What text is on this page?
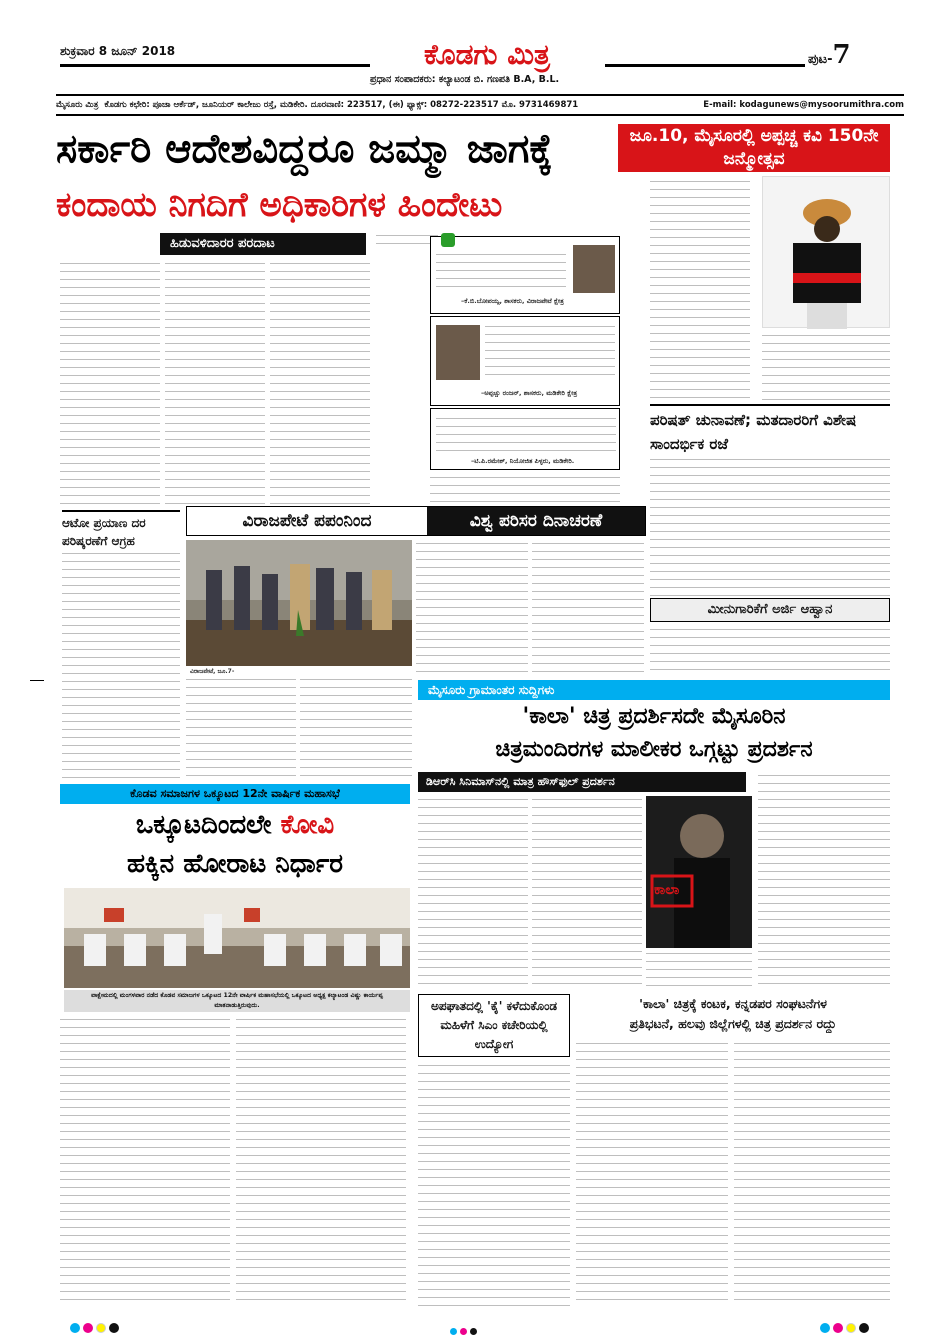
ಶುಕ್ರವಾರ 8 ಜೂನ್ 2018	ಕೊಡಗು ಮಿತ್ರ
ಪ್ರಧಾನ ಸಂಪಾದಕರು: ಕಲ್ಯಾಟಂಡ ಬಿ. ಗಣಪತಿ B.A, B.L.
ಪುಟ-7
ಮೈಸೂರು ಮಿತ್ರ ಕೊಡಗು ಕಛೇರಿ: ಪೂಜಾ ಆರ್ಕೆಡ್, ಜೂನಿಯರ್ ಕಾಲೇಜು ರಸ್ತೆ, ಮಡಿಕೇರಿ. ದೂರವಾಣಿ: 223517, (ಈ) ಫ್ಯಾಕ್ಸ್: 08272-223517 ಮೊ. 9731469871	E-mail: kodagunews@mysoorumithra.com
ಸರ್ಕಾರಿ ಆದೇಶವಿದ್ದರೂ ಜಮ್ಮಾ ಜಾಗಕ್ಕೆ
ಕಂದಾಯ ನಿಗದಿಗೆ ಅಧಿಕಾರಿಗಳ ಹಿಂದೇಟು
ಹಿಡುವಳಿದಾರರ ಪರದಾಟ
–ಕೆ.ಬಿ.ಬೋಪಯ್ಯ, ಶಾಸಕರು, ವಿರಾಜಪೇಟೆ ಕ್ಷೇತ್ರ
–ಅಪ್ಪಚ್ಚು ರಂಜನ್, ಶಾಸಕರು, ಮಡಿಕೇರಿ ಕ್ಷೇತ್ರ
–ಟಿ.ಪಿ.ರಮೇಶ್, ನಿಯೋಜಿತ ಪಿಳ್ಳರು, ಮಡಿಕೇರಿ.
ಜೂ.10, ಮೈಸೂರಲ್ಲಿ ಅಪ್ಪಚ್ಚ ಕವಿ 150ನೇ ಜನ್ಮೋತ್ಸವ
ಪರಿಷತ್ ಚುನಾವಣೆ; ಮತದಾರರಿಗೆ ವಿಶೇಷ ಸಾಂದರ್ಭಿಕ ರಜೆ
ಮೀನುಗಾರಿಕೆಗೆ ಅರ್ಜಿ ಆಹ್ವಾನ
ಆಟೋ ಪ್ರಯಾಣ ದರ ಪರಿಷ್ಕರಣೆಗೆ ಆಗ್ರಹ
ವಿರಾಜಪೇಟೆ ಪಪಂನಿಂದ	ವಿಶ್ವ ಪರಿಸರ ದಿನಾಚರಣೆ
ವಿರಾಜಪೇಟೆ, ಜೂ.7-
ಮೈಸೂರು ಗ್ರಾಮಾಂತರ ಸುದ್ದಿಗಳು
'ಕಾಲಾ' ಚಿತ್ರ ಪ್ರದರ್ಶಿಸದೇ ಮೈಸೂರಿನ
ಚಿತ್ರಮಂದಿರಗಳ ಮಾಲೀಕರ ಒಗ್ಗಟ್ಟು ಪ್ರದರ್ಶನ
ಡಿಆರ್‌ಸಿ ಸಿನಿಮಾಸ್‌ನಲ್ಲಿ ಮಾತ್ರ ಹೌಸ್‌ಫುಲ್ ಪ್ರದರ್ಶನ
ಕಾಲಾ
ಕೊಡವ ಸಮಾಜಗಳ ಒಕ್ಕೂಟದ 12ನೇ ವಾರ್ಷಿಕ ಮಹಾಸಭೆ
ಒಕ್ಕೂಟದಿಂದಲೇ ಕೋವಿ
ಹಕ್ಕಿನ ಹೋರಾಟ ನಿರ್ಧಾರ
ವಾಕ್ಷೇಮದಲ್ಲಿ ಮಂಗಳವಾರ ನಡೆದ ಕೊಡವ ಸಮಾಜಗಳ ಒಕ್ಕೂಟದ 12ನೇ ವಾರ್ಷಿಕ ಮಹಾಸಭೆಯಲ್ಲಿ ಒಕ್ಕೂಟದ ಅಧ್ಯಕ್ಷ ಕಲ್ಯಾಟಂಡ ವಿಷ್ಣು ಕಾರ್ಯಪ್ಪ ಮಾತನಾಡುತ್ತಿರುವುದು.	ಅಪಘಾತದಲ್ಲಿ 'ಕೈ' ಕಳೆದುಕೊಂಡ ಮಹಿಳೆಗೆ ಸಿಎಂ ಕಚೇರಿಯಲ್ಲಿ ಉದ್ಯೋಗ
'ಕಾಲಾ' ಚಿತ್ರಕ್ಕೆ ಕಂಟಕ, ಕನ್ನಡಪರ ಸಂಘಟನೆಗಳ
ಪ್ರತಿಭಟನೆ, ಹಲವು ಜಿಲ್ಲೆಗಳಲ್ಲಿ ಚಿತ್ರ ಪ್ರದರ್ಶನ ರದ್ದು
